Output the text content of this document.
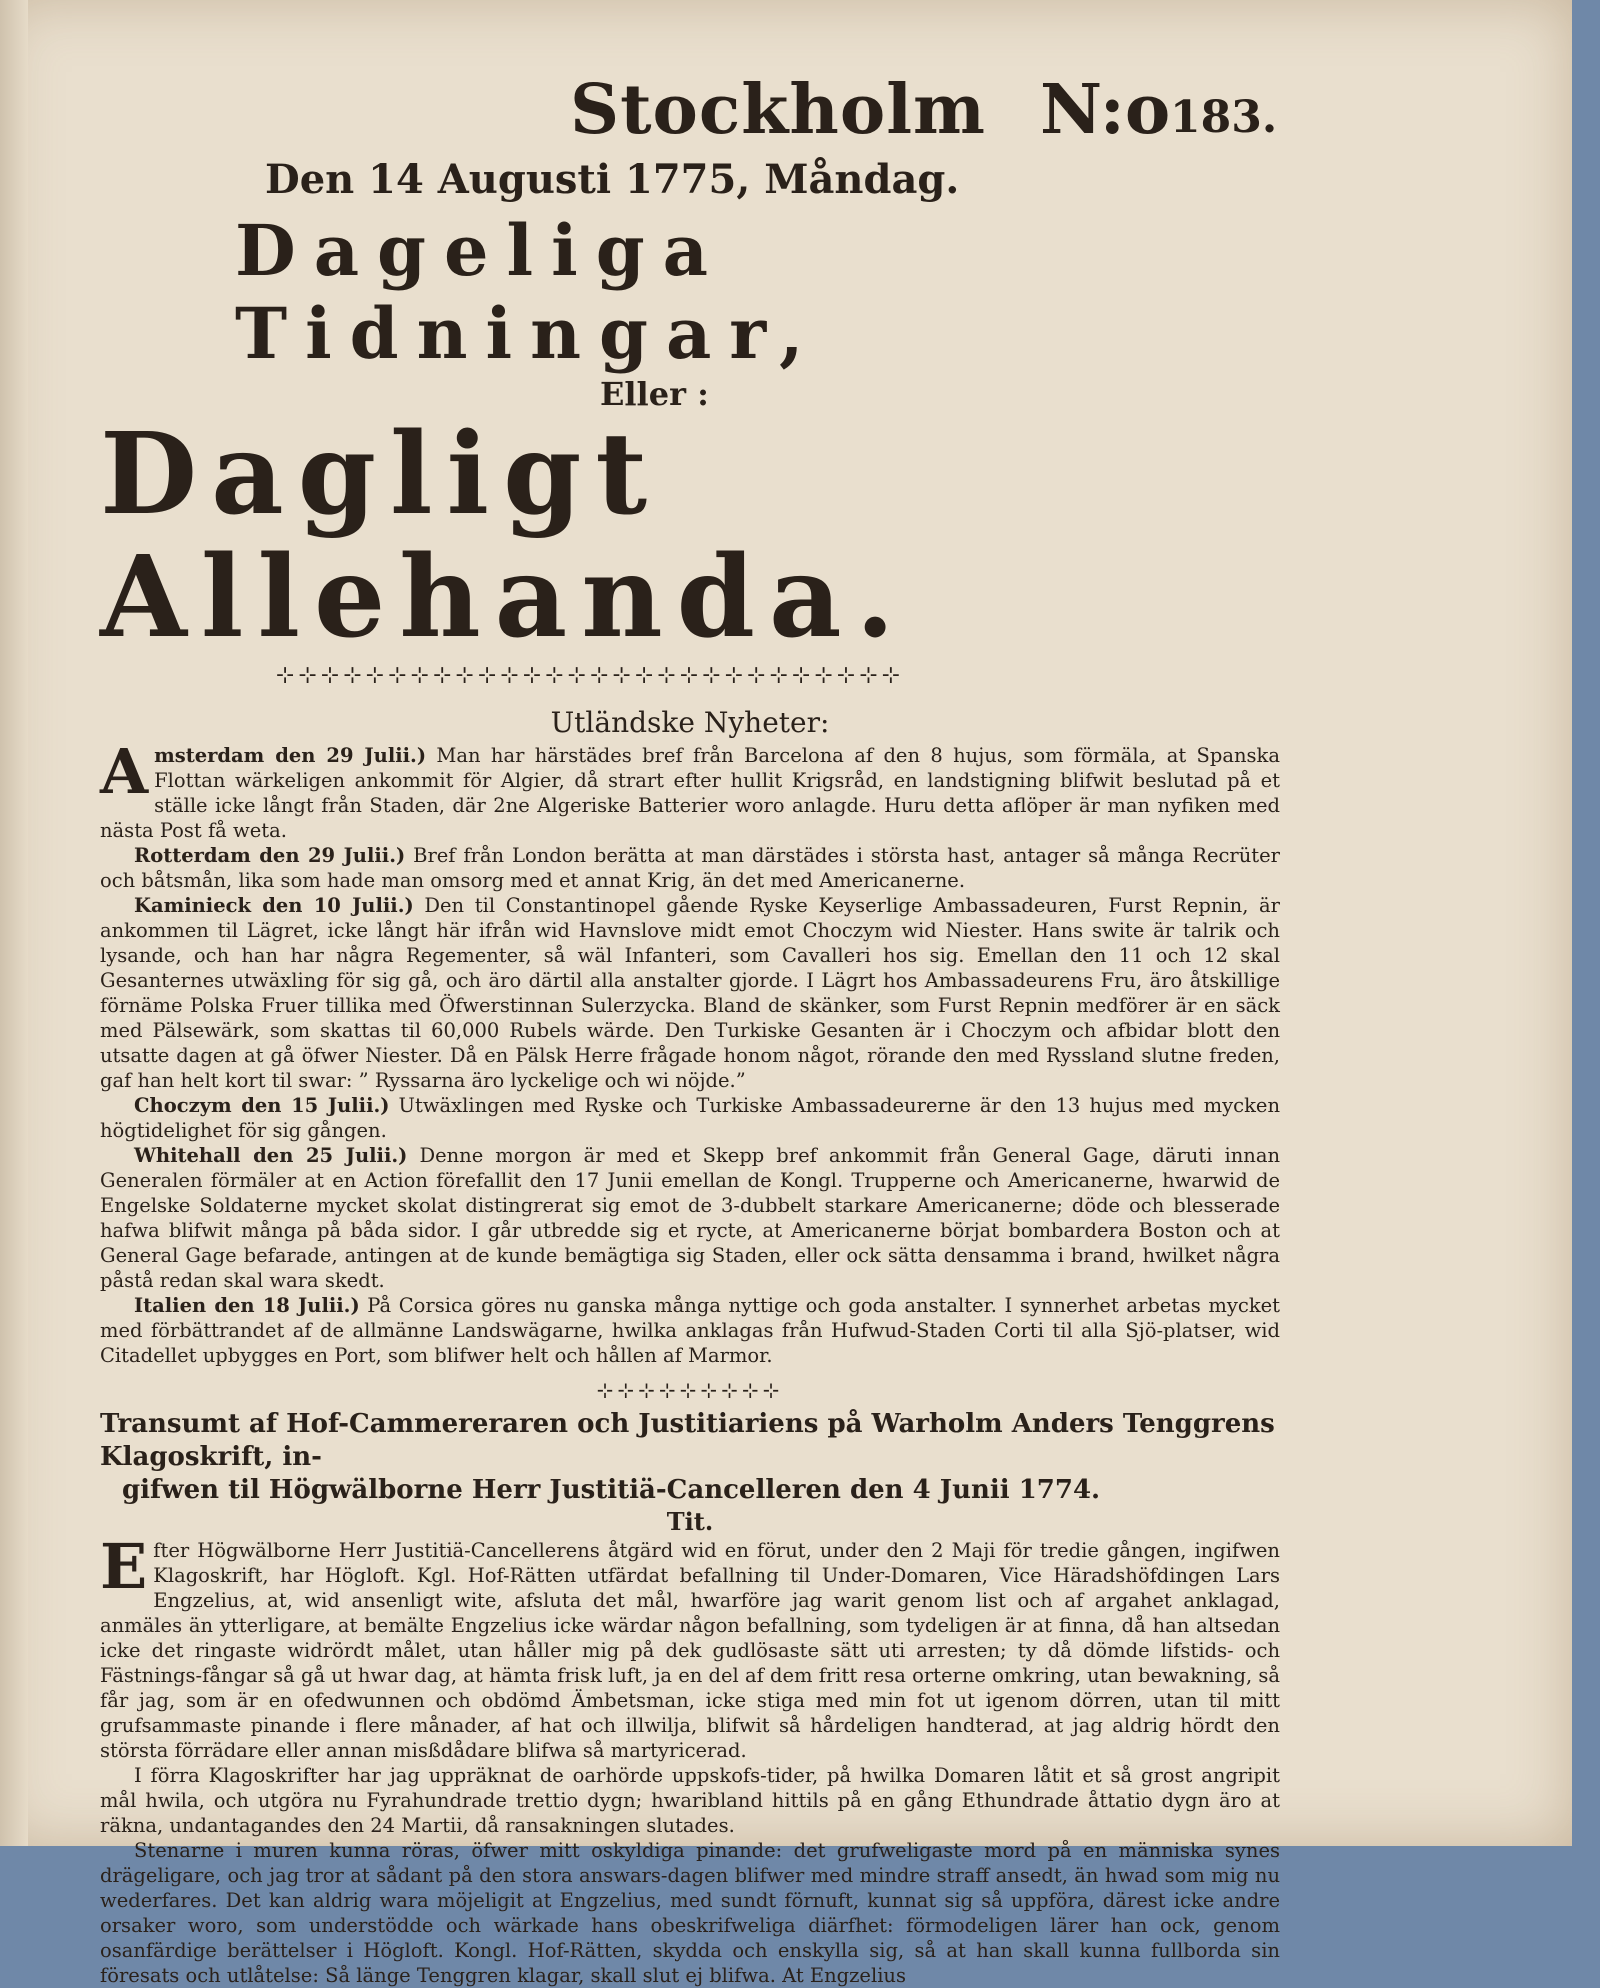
Stockholm N:o 183.
Den 14 Augusti 1775, Måndag.
Dageliga Tidningar,
Eller :
Dagligt Allehanda.
⊹⊹⊹⊹⊹⊹⊹⊹⊹⊹⊹⊹⊹⊹⊹⊹⊹⊹⊹⊹⊹⊹⊹⊹⊹⊹⊹⊹
Utländske Nyheter:

Amsterdam den 29 Julii.) Man har härstädes bref från Barcelona af den 8 hujus, som förmäla, at Spanska Flottan wärkeligen ankommit för Algier, då strart efter hullit Krigsråd, en landstigning blifwit beslutad på et ställe icke långt från Staden, där 2ne Algeriske Batterier woro anlagde. Huru detta aflöper är man nyfiken med nästa Post få weta.

Rotterdam den 29 Julii.) Bref från London berätta at man därstädes i största hast, antager så många Recrüter och båtsmån, lika som hade man omsorg med et annat Krig, än det med Americanerne.

Kaminieck den 10 Julii.) Den til Constantinopel gående Ryske Keyserlige Ambassadeuren, Furst Repnin, är ankommen til Lägret, icke långt här ifrån wid Havnslove midt emot Choczym wid Niester. Hans swite är talrik och lysande, och han har några Regementer, så wäl Infanteri, som Cavalleri hos sig. Emellan den 11 och 12 skal Gesanternes utwäxling för sig gå, och äro därtil alla anstalter gjorde. I Lägrt hos Ambassadeurens Fru, äro åtskillige förnäme Polska Fruer tillika med Öfwerstinnan Sulerzycka. Bland de skänker, som Furst Repnin medförer är en säck med Pälsewärk, som skattas til 60,000 Rubels wärde. Den Turkiske Gesanten är i Choczym och afbidar blott den utsatte dagen at gå öfwer Niester. Då en Pälsk Herre frågade honom något, rörande den med Ryssland slutne freden, gaf han helt kort til swar: ” Ryssarna äro lyckelige och wi nöjde.”

Choczym den 15 Julii.) Utwäxlingen med Ryske och Turkiske Ambassadeurerne är den 13 hujus med mycken högtidelighet för sig gången.

Whitehall den 25 Julii.) Denne morgon är med et Skepp bref ankommit från General Gage, däruti innan Generalen förmäler at en Action förefallit den 17 Junii emellan de Kongl. Trupperne och Americanerne, hwarwid de Engelske Soldaterne mycket skolat distingrerat sig emot de 3-dubbelt starkare Americanerne; döde och blesserade hafwa blifwit många på båda sidor. I går utbredde sig et rycte, at Americanerne börjat bombardera Boston och at General Gage befarade, antingen at de kunde bemägtiga sig Staden, eller ock sätta densamma i brand, hwilket några påstå redan skal wara skedt.

Italien den 18 Julii.) På Corsica göres nu ganska många nyttige och goda anstalter. I synnerhet arbetas mycket med förbättrandet af de allmänne Landswägarne, hwilka anklagas från Hufwud-Staden Corti til alla Sjö-platser, wid Citadellet upbygges en Port, som blifwer helt och hållen af Marmor.

⊹⊹⊹⊹⊹⊹⊹⊹⊹
Transumt af Hof-Cammereraren och Justitiariens på Warholm Anders Tenggrens Klagoskrift, in-
gifwen til Högwälborne Herr Justitiä-Cancelleren den 4 Junii 1774.
Tit.

Efter Högwälborne Herr Justitiä-Cancellerens åtgärd wid en förut, under den 2 Maji för tredie gången, ingifwen Klagoskrift, har Högloft. Kgl. Hof-Rätten utfärdat befallning til Under-Domaren, Vice Häradshöfdingen Lars Engzelius, at, wid ansenligt wite, afsluta det mål, hwarföre jag warit genom list och af argahet anklagad, anmäles än ytterligare, at bemälte Engzelius icke wärdar någon befallning, som tydeligen är at finna, då han altsedan icke det ringaste widrördt målet, utan håller mig på dek gudlösaste sätt uti arresten; ty då dömde lifstids- och Fästnings-fångar så gå ut hwar dag, at hämta frisk luft, ja en del af dem fritt resa orterne omkring, utan bewakning, så får jag, som är en ofedwunnen och obdömd Ämbetsman, icke stiga med min fot ut igenom dörren, utan til mitt grufsammaste pinande i flere månader, af hat och illwilja, blifwit så hårdeligen handterad, at jag aldrig hördt den största förrädare eller annan misßdådare blifwa så martyricerad.

I förra Klagoskrifter har jag uppräknat de oarhörde uppskofs-tider, på hwilka Domaren låtit et så grost angripit mål hwila, och utgöra nu Fyrahundrade trettio dygn; hwaribland hittils på en gång Ethundrade åttatio dygn äro at räkna, undantagandes den 24 Martii, då ransakningen slutades.

Stenarne i muren kunna röras, öfwer mitt oskyldiga pinande: det grufweligaste mord på en människa synes drägeligare, och jag tror at sådant på den stora answars-dagen blifwer med mindre straff ansedt, än hwad som mig nu wederfares. Det kan aldrig wara möjeligit at Engzelius, med sundt förnuft, kunnat sig så uppföra, därest icke andre orsaker woro, som understödde och wärkade hans obeskrifweliga diärfhet: förmodeligen lärer han ock, genom osanfärdige berättelser i Högloft. Kongl. Hof-Rätten, skydda och enskylla sig, så at han skall kunna fullborda sin föresats och utlåtelse: Så länge Tenggren klagar, skall slut ej blifwa. At Engzelius
